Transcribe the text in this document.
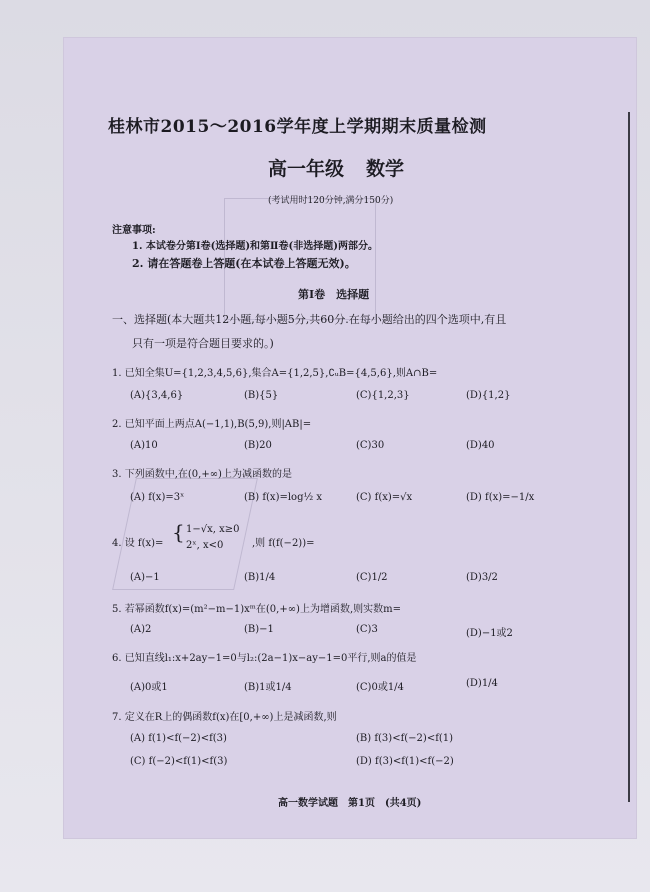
桂林市2015～2016学年度上学期期末质量检测
高一年级 数学
(考试用时120分钟,满分150分)
注意事项:
1. 本试卷分第Ⅰ卷(选择题)和第Ⅱ卷(非选择题)两部分。
2. 请在答题卷上答题(在本试卷上答题无效)。
第Ⅰ卷　选择题
一、选择题(本大题共12小题,每小题5分,共60分.在每小题给出的四个选项中,有且
只有一项是符合题目要求的。)
1. 已知全集U={1,2,3,4,5,6},集合A={1,2,5},∁ᵤB={4,5,6},则A∩B=
(A){3,4,6}	(B){5}	(C){1,2,3}	(D){1,2}
2. 已知平面上两点A(−1,1),B(5,9),则|AB|=
(A)10	(B)20	(C)30	(D)40
3. 下列函数中,在(0,+∞)上为减函数的是
(A) f(x)=3ˣ	(B) f(x)=log½ x	(C) f(x)=√x	(D) f(x)=−1/x
4. 设 f(x)= { 1−√x, x≥0
2ˣ, x<0	,则 f(f(−2))=
(A)−1	(B)1/4	(C)1/2	(D)3/2
5. 若幂函数f(x)=(m²−m−1)xᵐ在(0,+∞)上为增函数,则实数m=
(A)2	(B)−1	(C)3	(D)−1或2
6. 已知直线l₁:x+2ay−1=0与l₂:(2a−1)x−ay−1=0平行,则a的值是
(A)0或1	(B)1或1/4	(C)0或1/4	(D)1/4
7. 定义在R上的偶函数f(x)在[0,+∞)上是减函数,则
(A) f(1)<f(−2)<f(3)	(B) f(3)<f(−2)<f(1)
(C) f(−2)<f(1)<f(3)	(D) f(3)<f(1)<f(−2)
高一数学试题　第1页　(共4页)
